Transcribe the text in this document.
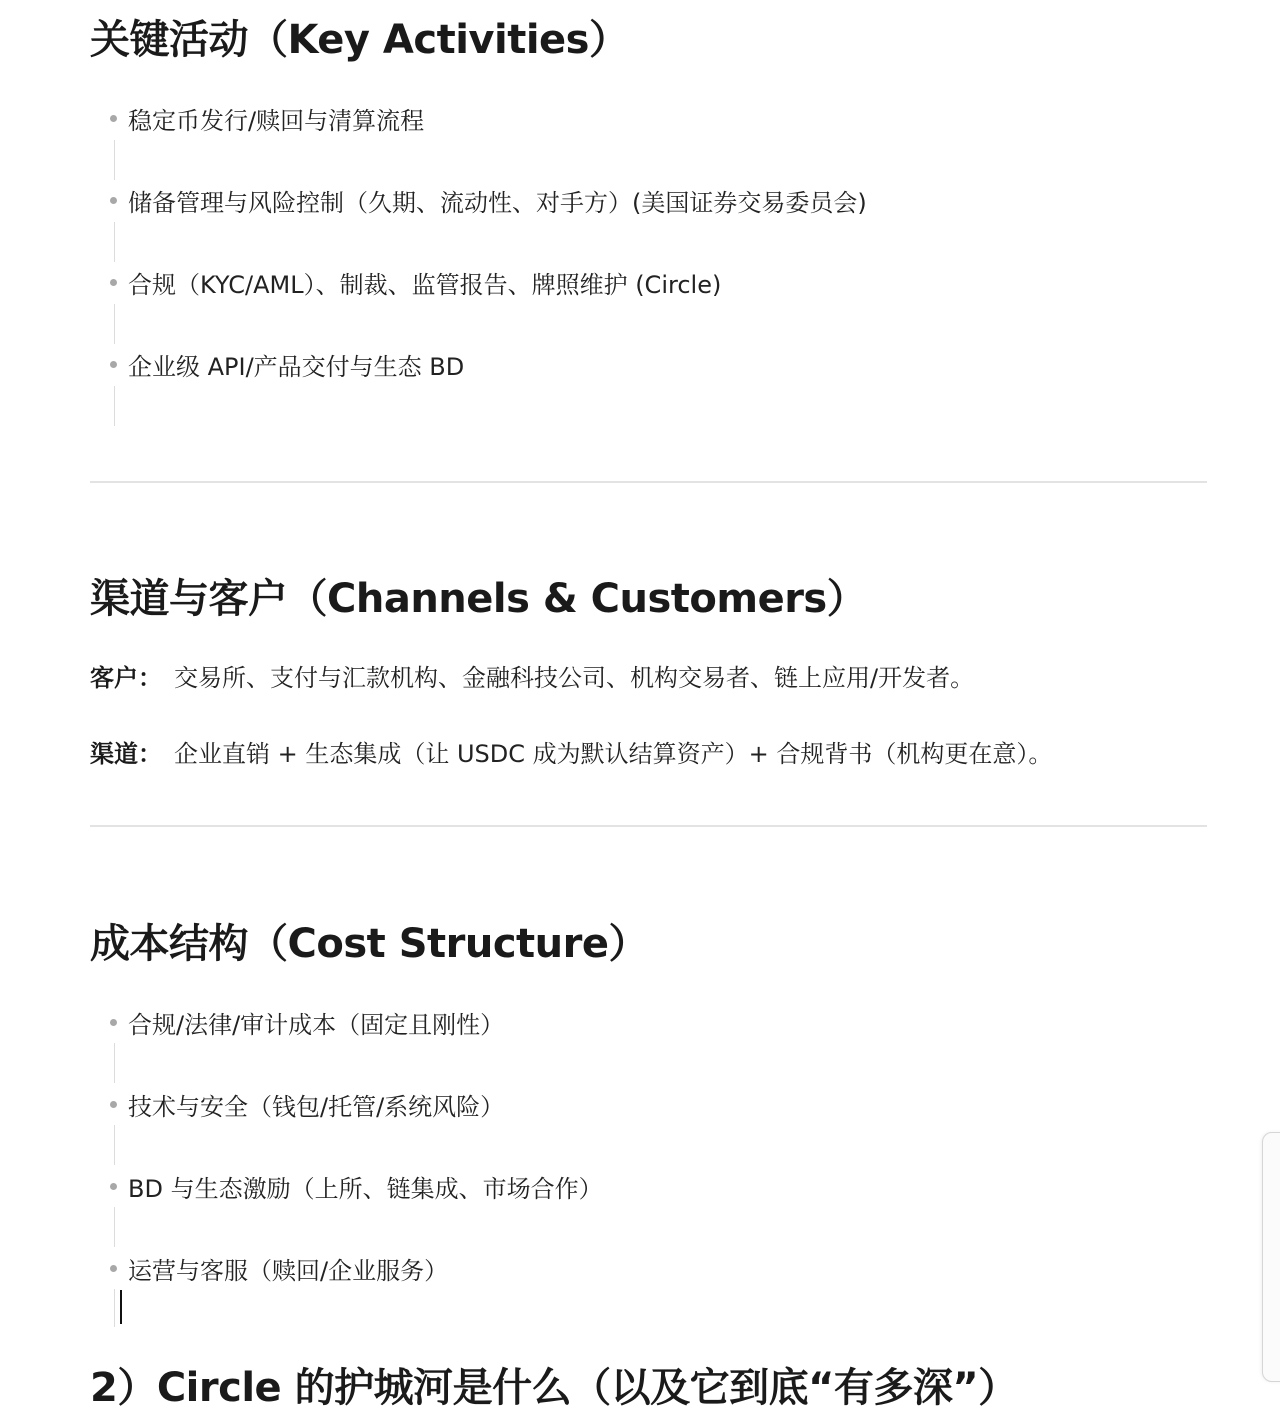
关键活动（Key Activities）
稳定币发行/赎回与清算流程
储备管理与风险控制（久期、流动性、对手方）(美国证券交易委员会)
合规（KYC/AML）、制裁、监管报告、牌照维护 (Circle)
企业级 API/产品交付与生态 BD
渠道与客户（Channels & Customers）
客户： 交易所、支付与汇款机构、金融科技公司、机构交易者、链上应用/开发者。
渠道： 企业直销 + 生态集成（让 USDC 成为默认结算资产）+ 合规背书（机构更在意）。
成本结构（Cost Structure）
合规/法律/审计成本（固定且刚性）
技术与安全（钱包/托管/系统风险）
BD 与生态激励（上所、链集成、市场合作）
运营与客服（赎回/企业服务）
2）Circle 的护城河是什么（以及它到底“有多深”）
